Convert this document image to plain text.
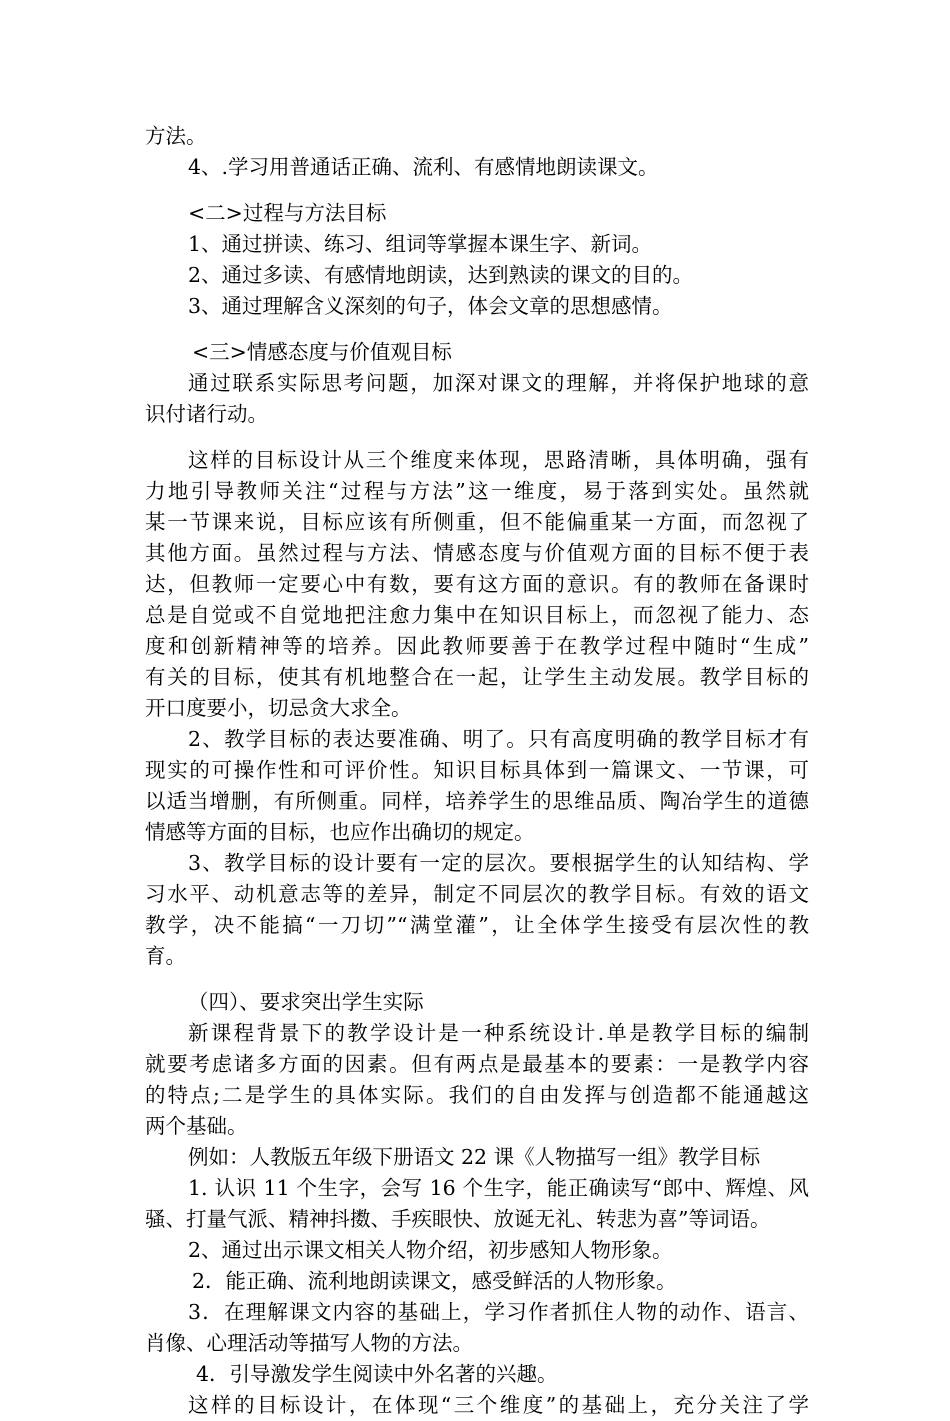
方法。
4、.学习用普通话正确、流利、有感情地朗读课文。
<二>过程与方法目标
1、通过拼读、练习、组词等掌握本课生字、新词。
2、通过多读、有感情地朗读，达到熟读的课文的目的。
3、通过理解含义深刻的句子，体会文章的思想感情。
<三>情感态度与价值观目标
通过联系实际思考问题，加深对课文的理解，并将保护地球的意
识付诸行动。
这样的目标设计从三个维度来体现，思路清晰，具体明确，强有
力地引导教师关注“过程与方法”这一维度，易于落到实处。虽然就
某一节课来说，目标应该有所侧重，但不能偏重某一方面，而忽视了
其他方面。虽然过程与方法、情感态度与价值观方面的目标不便于表
达，但教师一定要心中有数，要有这方面的意识。有的教师在备课时
总是自觉或不自觉地把注愈力集中在知识目标上，而忽视了能力、态
度和创新精神等的培养。因此教师要善于在教学过程中随时“生成”
有关的目标，使其有机地整合在一起，让学生主动发展。教学目标的
开口度要小，切忌贪大求全。
2、教学目标的表达要准确、明了。只有高度明确的教学目标才有
现实的可操作性和可评价性。知识目标具体到一篇课文、一节课，可
以适当增删，有所侧重。同样，培养学生的思维品质、陶冶学生的道德
情感等方面的目标，也应作出确切的规定。
3、教学目标的设计要有一定的层次。要根据学生的认知结构、学
习水平、动机意志等的差异，制定不同层次的教学目标。有效的语文
教学，决不能搞“一刀切”“满堂灌”，让全体学生接受有层次性的教
育。
（四）、要求突出学生实际
新课程背景下的教学设计是一种系统设计.单是教学目标的编制
就要考虑诸多方面的因素。但有两点是最基本的要素：一是教学内容
的特点;二是学生的具体实际。我们的自由发挥与创造都不能通越这
两个基础。
例如：人教版五年级下册语文 22 课《人物描写一组》教学目标
1. 认识 11 个生字，会写 16 个生字，能正确读写“郎中、辉煌、风
骚、打量气派、精神抖擞、手疾眼快、放诞无礼、转悲为喜”等词语。
2、通过出示课文相关人物介绍，初步感知人物形象。
2．能正确、流利地朗读课文，感受鲜活的人物形象。
3．在理解课文内容的基础上，学习作者抓住人物的动作、语言、
肖像、心理活动等描写人物的方法。
4．引导激发学生阅读中外名著的兴趣。
这样的目标设计，在体现“三个维度”的基础上，充分关注了学
